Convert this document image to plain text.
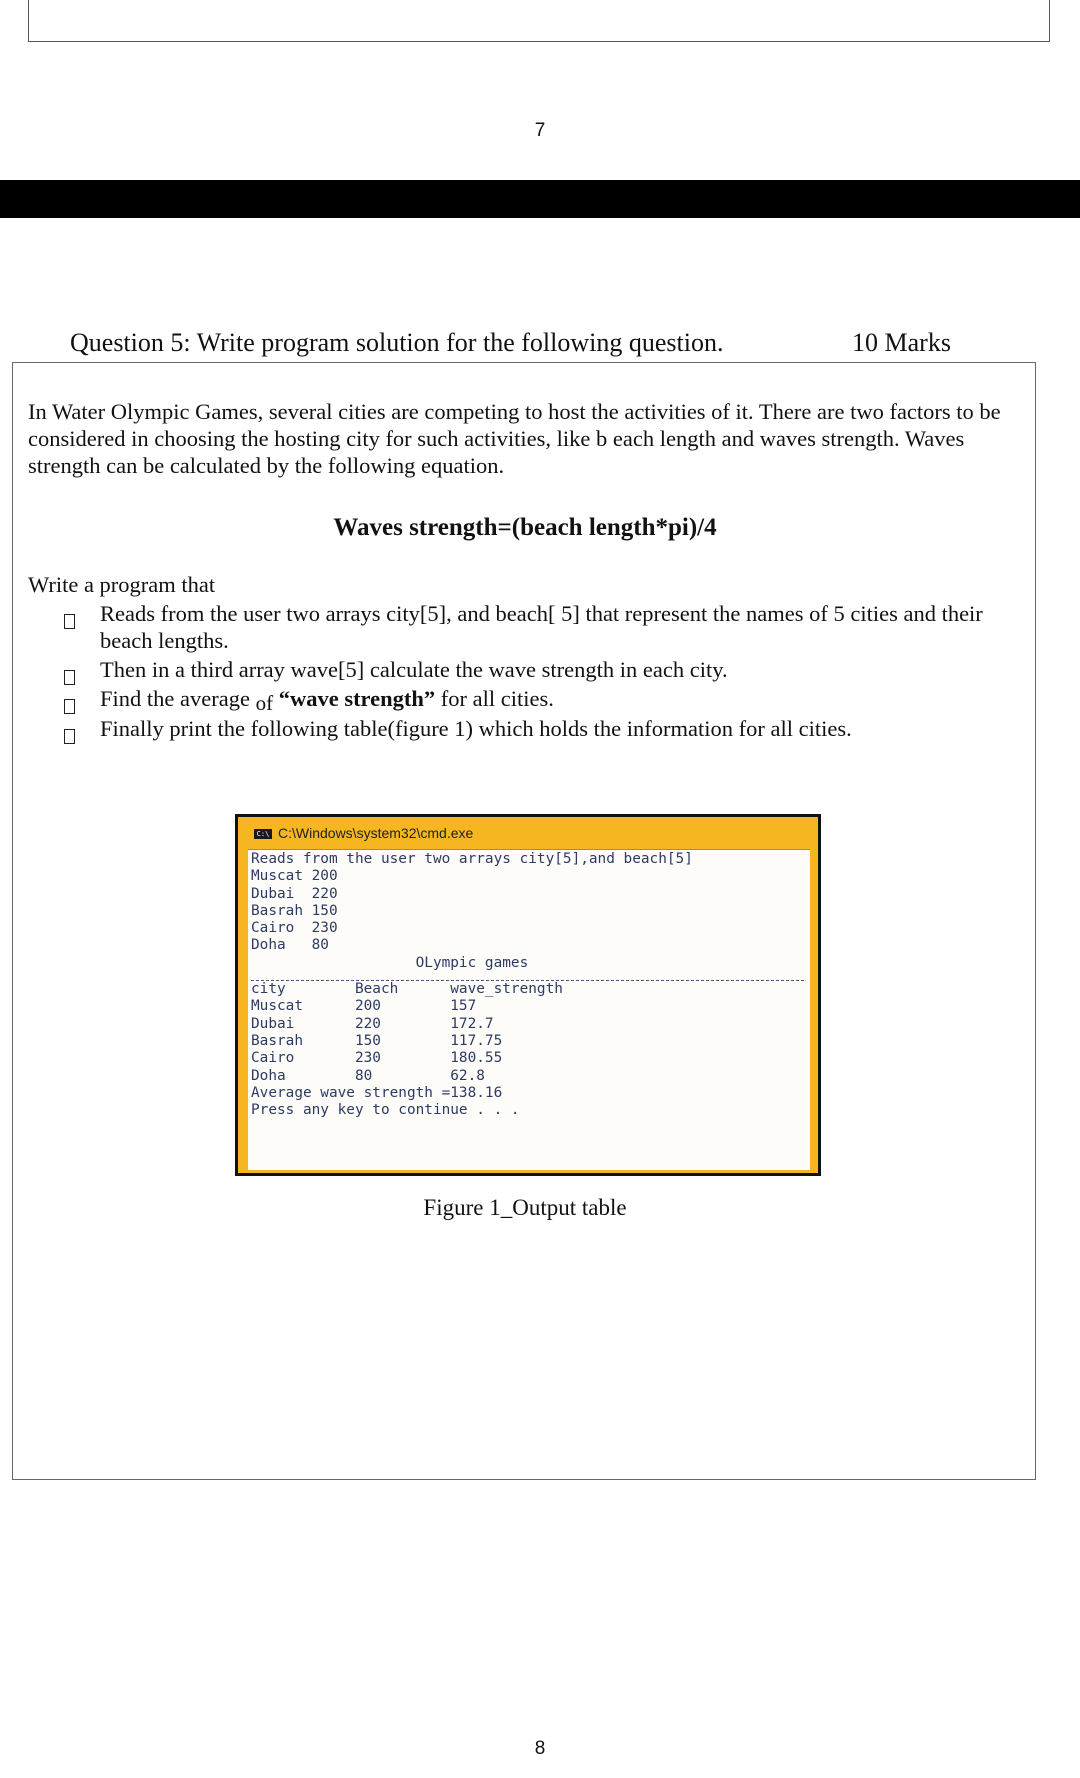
7
Question 5: Write program solution for the following question.	10 Marks
In Water Olympic Games, several cities are competing to host the activities of it. There are two factors to be considered in choosing the hosting city for such activities, like b each length and waves strength. Waves strength can be calculated by the following equation.
Waves strength=(beach length*pi)/4
Write a program that
Reads from the user two arrays city[5], and beach[ 5] that represent the names of 5 cities and their beach lengths.
Then in a third array wave[5] calculate the wave strength in each city.
Find the average of “wave strength” for all cities.
Finally print the following table(figure 1) which holds the information for all cities.
C:\ C:\Windows\system32\cmd.exe
Reads from the user two arrays city[5],and beach[5]
Muscat 200
Dubai  220
Basrah 150
Cairo  230
Doha   80
OLympic games
city        Beach      wave_strength
Muscat      200        157
Dubai       220        172.7
Basrah      150        117.75
Cairo       230        180.55
Doha        80         62.8
Average wave strength =138.16
Press any key to continue . . .
Figure 1_Output table
8
